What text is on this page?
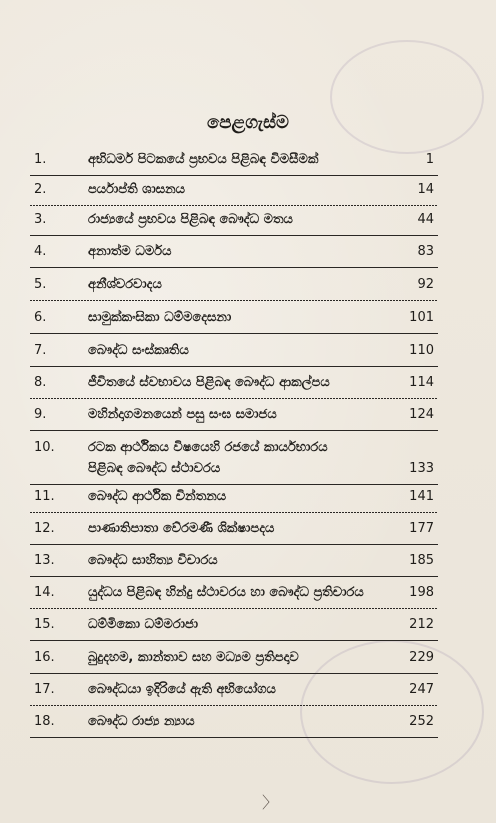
පෙළගැස්ම
1.	අභිධර්ම පිටකයේ ප්‍රභවය පිළිබඳ විමසීමක්	1
2.	පර්යාප්ති ශාසනය	14
3.	රාජ්‍යයේ ප්‍රභවය පිළිබඳ බෞද්ධ මතය	44
4.	අනාත්ම ධර්මය	83
5.	අනීශ්වරවාදය	92
6.	සාමුක්කංසිකා ධම්මදෙසනා	101
7.	බෞද්ධ සංස්කෘතිය	110
8.	ජීවිතයේ ස්වභාවය පිළිබඳ බෞද්ධ ආකල්පය	114
9.	මහින්දාගමනයෙන් පසු සංඝ සමාජය	124
10.	රටක ආර්ථිකය විෂයෙහි රජයේ කාර්යභාරය
පිළිබඳ බෞද්ධ ස්ථාවරය	133
11.	බෞද්ධ ආර්ථික චින්තනය	141
12.	පාණාතිපාතා වේරමණී ශික්ෂාපදය	177
13.	බෞද්ධ සාහිත්‍ය විචාරය	185
14.	යුද්ධය පිළිබඳ හින්දු ස්ථාවරය හා බෞද්ධ ප්‍රතිචාරය	198
15.	ධම්මිකො ධම්මරාජා	212
16.	බුදුදහම, කාන්තාව සහ මධ්‍යම ප්‍රතිපදාව	229
17.	බෞද්ධයා ඉදිරියේ ඇති අභියෝගය	247
18.	බෞද්ධ රාජ්‍ය න්‍යාය	252
〉
